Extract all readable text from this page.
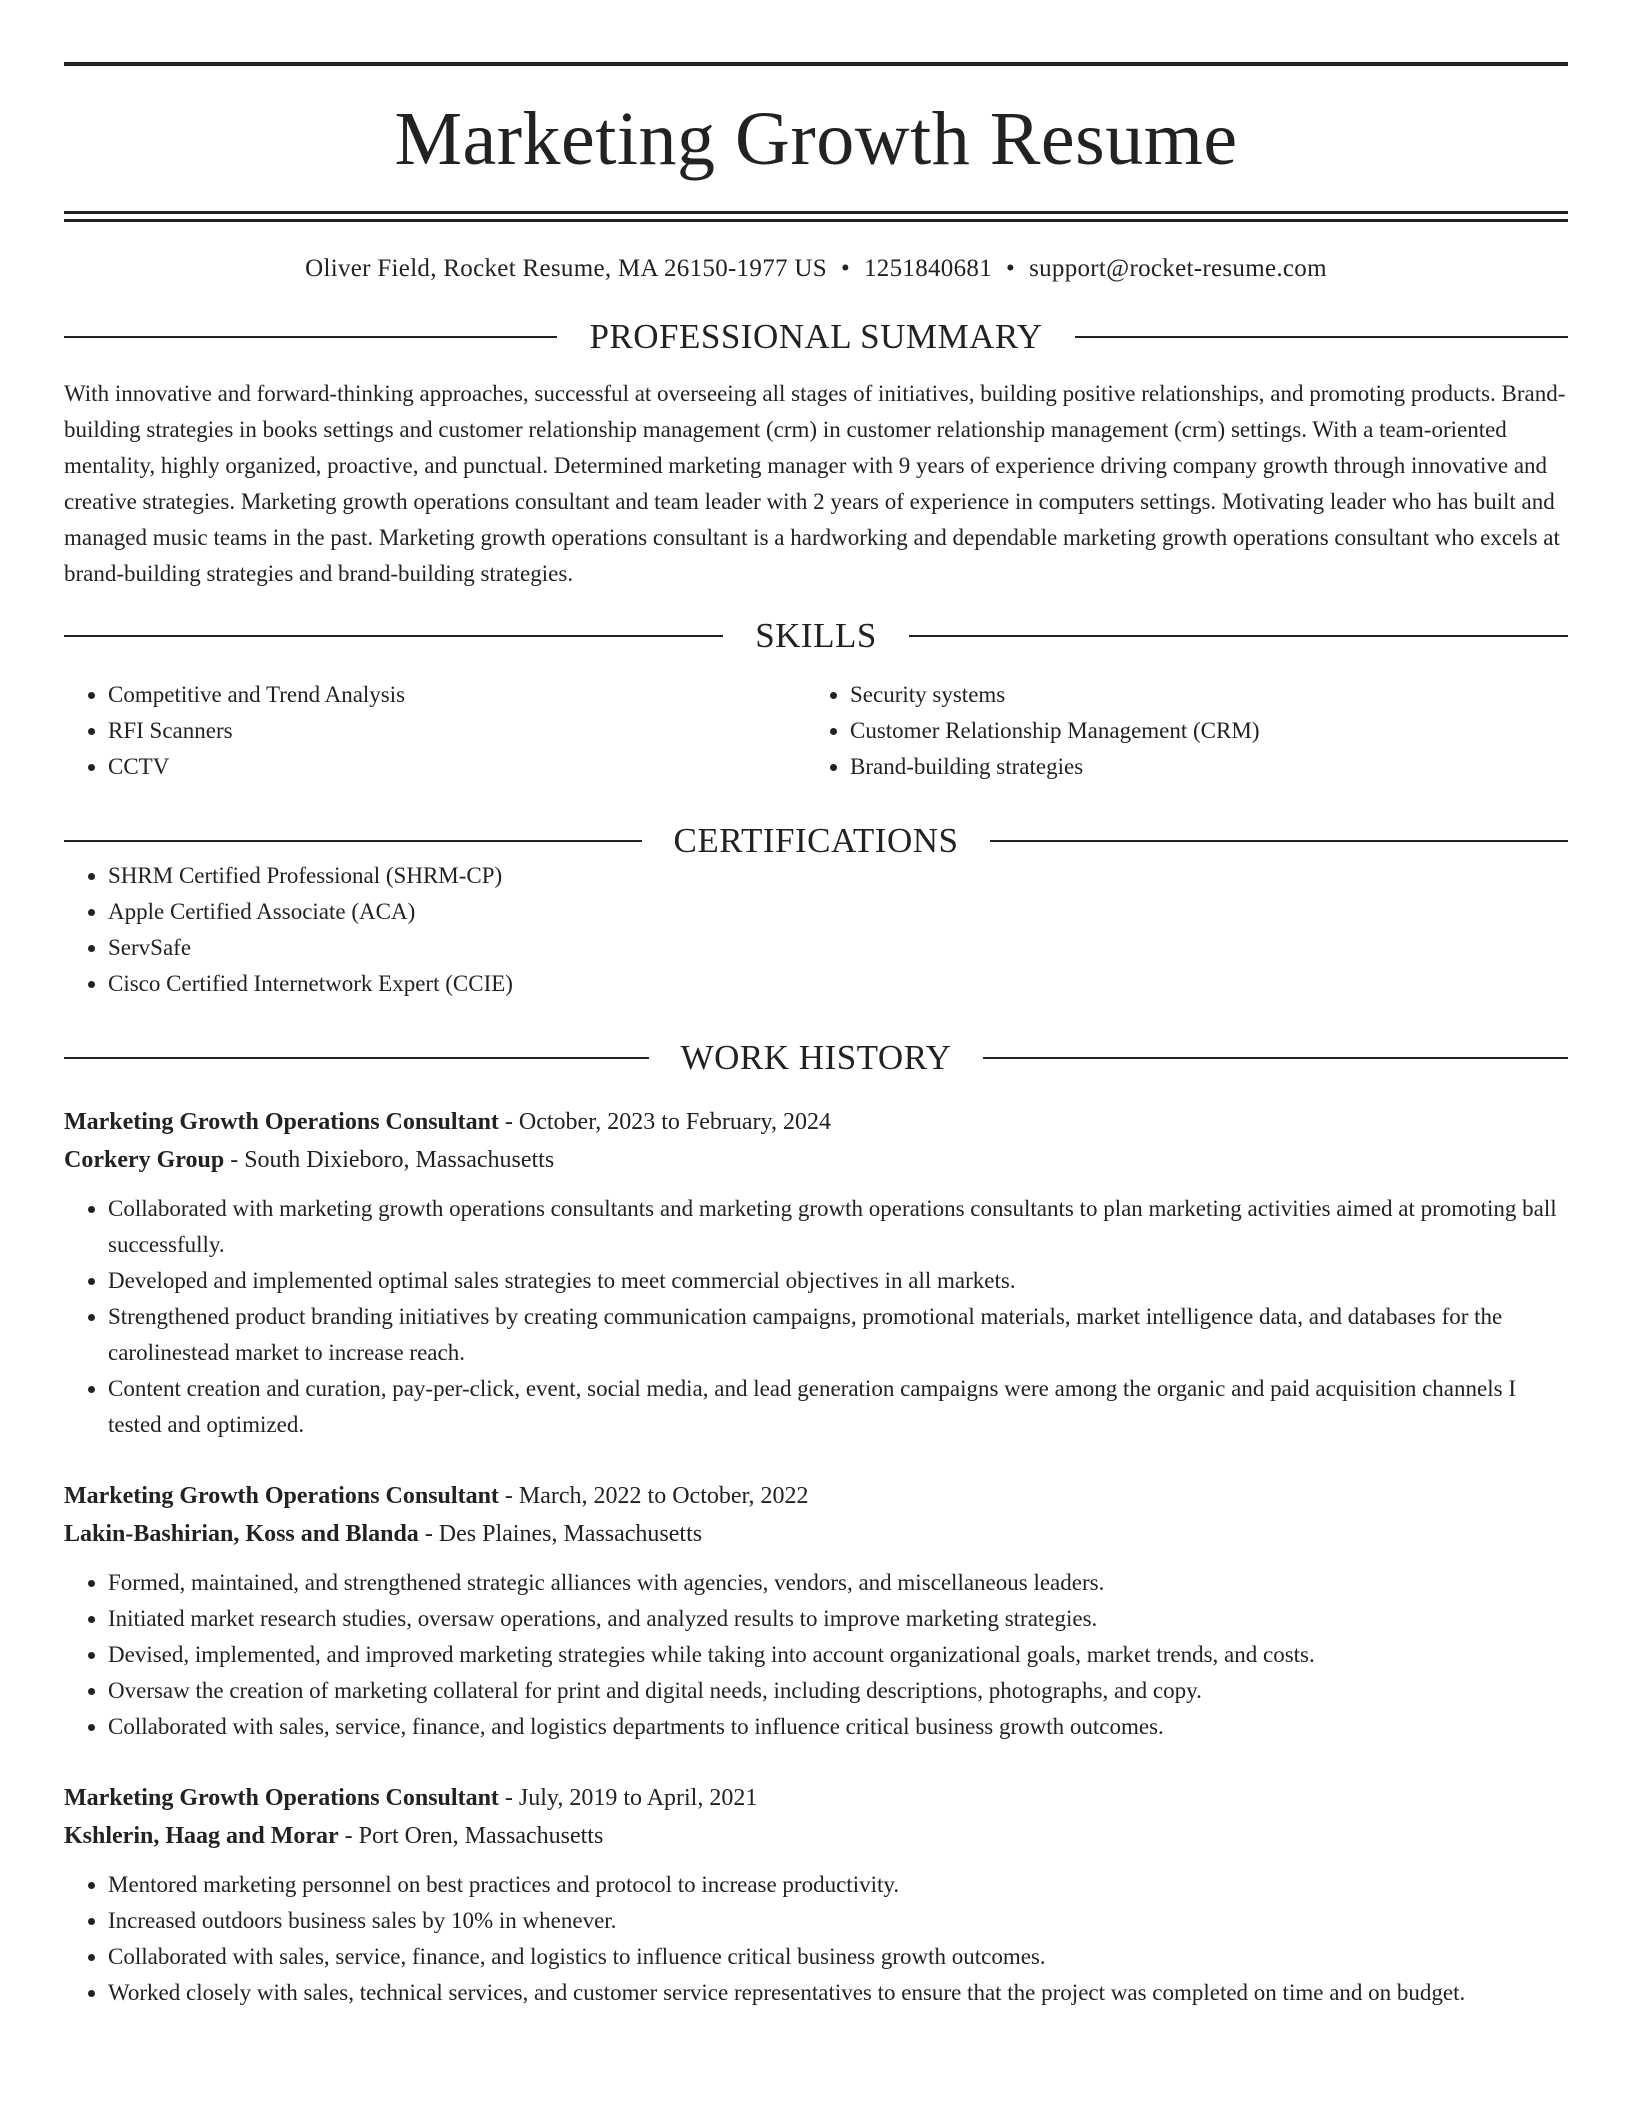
Marketing Growth Resume
Oliver Field, Rocket Resume, MA 26150-1977 US • 1251840681 • support@rocket-resume.com
PROFESSIONAL SUMMARY

With innovative and forward-thinking approaches, successful at overseeing all stages of initiatives, building positive relationships, and promoting products. Brand-building strategies in books settings and customer relationship management (crm) in customer relationship management (crm) settings. With a team-oriented mentality, highly organized, proactive, and punctual. Determined marketing manager with 9 years of experience driving company growth through innovative and creative strategies. Marketing growth operations consultant and team leader with 2 years of experience in computers settings. Motivating leader who has built and managed music teams in the past. Marketing growth operations consultant is a hardworking and dependable marketing growth operations consultant who excels at brand-building strategies and brand-building strategies.

SKILLS
• Competitive and Trend Analysis
• RFI Scanners
• CCTV
• Security systems
• Customer Relationship Management (CRM)
• Brand-building strategies
CERTIFICATIONS
• SHRM Certified Professional (SHRM-CP)
• Apple Certified Associate (ACA)
• ServSafe
• Cisco Certified Internetwork Expert (CCIE)
WORK HISTORY
Marketing Growth Operations Consultant - October, 2023 to February, 2024
Corkery Group - South Dixieboro, Massachusetts
• Collaborated with marketing growth operations consultants and marketing growth operations consultants to plan marketing activities aimed at promoting ball successfully.
• Developed and implemented optimal sales strategies to meet commercial objectives in all markets.
• Strengthened product branding initiatives by creating communication campaigns, promotional materials, market intelligence data, and databases for the carolinestead market to increase reach.
• Content creation and curation, pay-per-click, event, social media, and lead generation campaigns were among the organic and paid acquisition channels I tested and optimized.
Marketing Growth Operations Consultant - March, 2022 to October, 2022
Lakin-Bashirian, Koss and Blanda - Des Plaines, Massachusetts
• Formed, maintained, and strengthened strategic alliances with agencies, vendors, and miscellaneous leaders.
• Initiated market research studies, oversaw operations, and analyzed results to improve marketing strategies.
• Devised, implemented, and improved marketing strategies while taking into account organizational goals, market trends, and costs.
• Oversaw the creation of marketing collateral for print and digital needs, including descriptions, photographs, and copy.
• Collaborated with sales, service, finance, and logistics departments to influence critical business growth outcomes.
Marketing Growth Operations Consultant - July, 2019 to April, 2021
Kshlerin, Haag and Morar - Port Oren, Massachusetts
• Mentored marketing personnel on best practices and protocol to increase productivity.
• Increased outdoors business sales by 10% in whenever.
• Collaborated with sales, service, finance, and logistics to influence critical business growth outcomes.
• Worked closely with sales, technical services, and customer service representatives to ensure that the project was completed on time and on budget.
